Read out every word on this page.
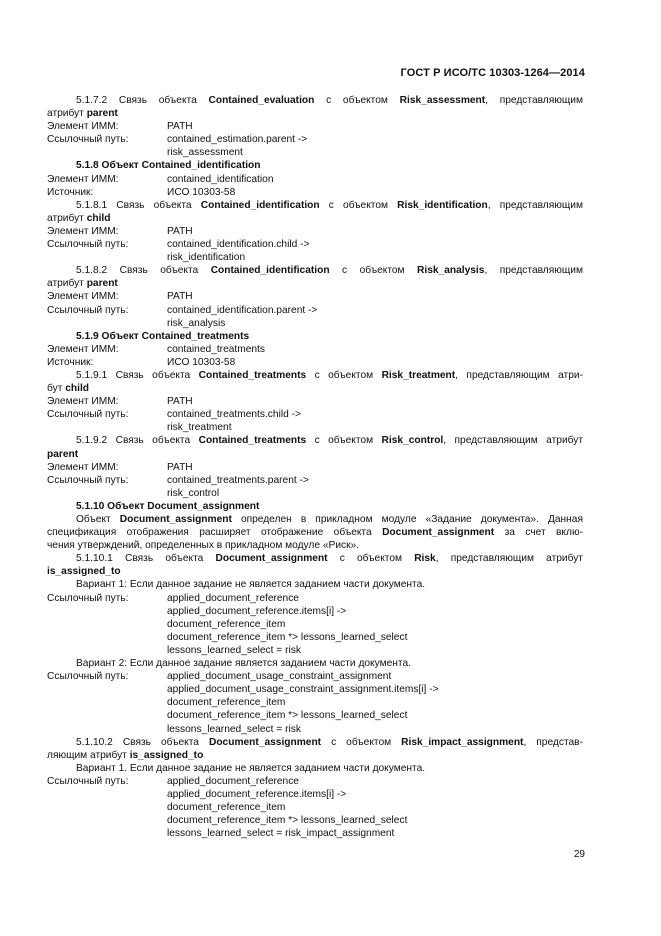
ГОСТ Р ИСО/ТС 10303-1264—2014
5.1.7.2 Связь объекта Contained_evaluation с объектом Risk_assessment, представляющим
атрибут parent
Элемент ИММ:	PATH
Ссылочный путь:	contained_estimation.parent ->
risk_assessment
5.1.8 Объект Contained_identification
Элемент ИММ:	contained_identification
Источник:	ИСО 10303-58
5.1.8.1 Связь объекта Contained_identification с объектом Risk_identification, представляющим
атрибут child
Элемент ИММ:	PATH
Ссылочный путь:	contained_identification.child ->
risk_identification
5.1.8.2 Связь объекта Contained_identification с объектом Risk_analysis, представляющим
атрибут parent
Элемент ИММ:	PATH
Ссылочный путь:	contained_identification.parent ->
risk_analysis
5.1.9 Объект Contained_treatments
Элемент ИММ:	contained_treatments
Источник:	ИСО 10303-58
5.1.9.1 Связь объекта Contained_treatments с объектом Risk_treatment, представляющим атри-
бут child
Элемент ИММ:	PATH
Ссылочный путь:	contained_treatments.child ->
risk_treatment
5.1.9.2 Связь объекта Contained_treatments с объектом Risk_control, представляющим атрибут
parent
Элемент ИММ:	PATH
Ссылочный путь:	contained_treatments.parent ->
risk_control
5.1.10 Объект Document_assignment
Объект Document_assignment определен в прикладном модуле «Задание документа». Данная
спецификация отображения расширяет отображение объекта Document_assignment за счет вклю-
чения утверждений, определенных в прикладном модуле «Риск».
5.1.10.1 Связь объекта Document_assignment с объектом Risk, представляющим атрибут
is_assigned_to
Вариант 1: Если данное задание не является заданием части документа.
Ссылочный путь:	applied_document_reference
applied_document_reference.items[i] ->
document_reference_item
document_reference_item *> lessons_learned_select
lessons_learned_select = risk
Вариант 2: Если данное задание является заданием части документа.
Ссылочный путь:	applied_document_usage_constraint_assignment
applied_document_usage_constraint_assignment.items[i] ->
document_reference_item
document_reference_item *> lessons_learned_select
lessons_learned_select = risk
5.1.10.2 Связь объекта Document_assignment с объектом Risk_impact_assignment, представ-
ляющим атрибут is_assigned_to
Вариант 1. Если данное задание не является заданием части документа.
Ссылочный путь:	applied_document_reference
applied_document_reference.items[i] ->
document_reference_item
document_reference_item *> lessons_learned_select
lessons_learned_select = risk_impact_assignment
29
